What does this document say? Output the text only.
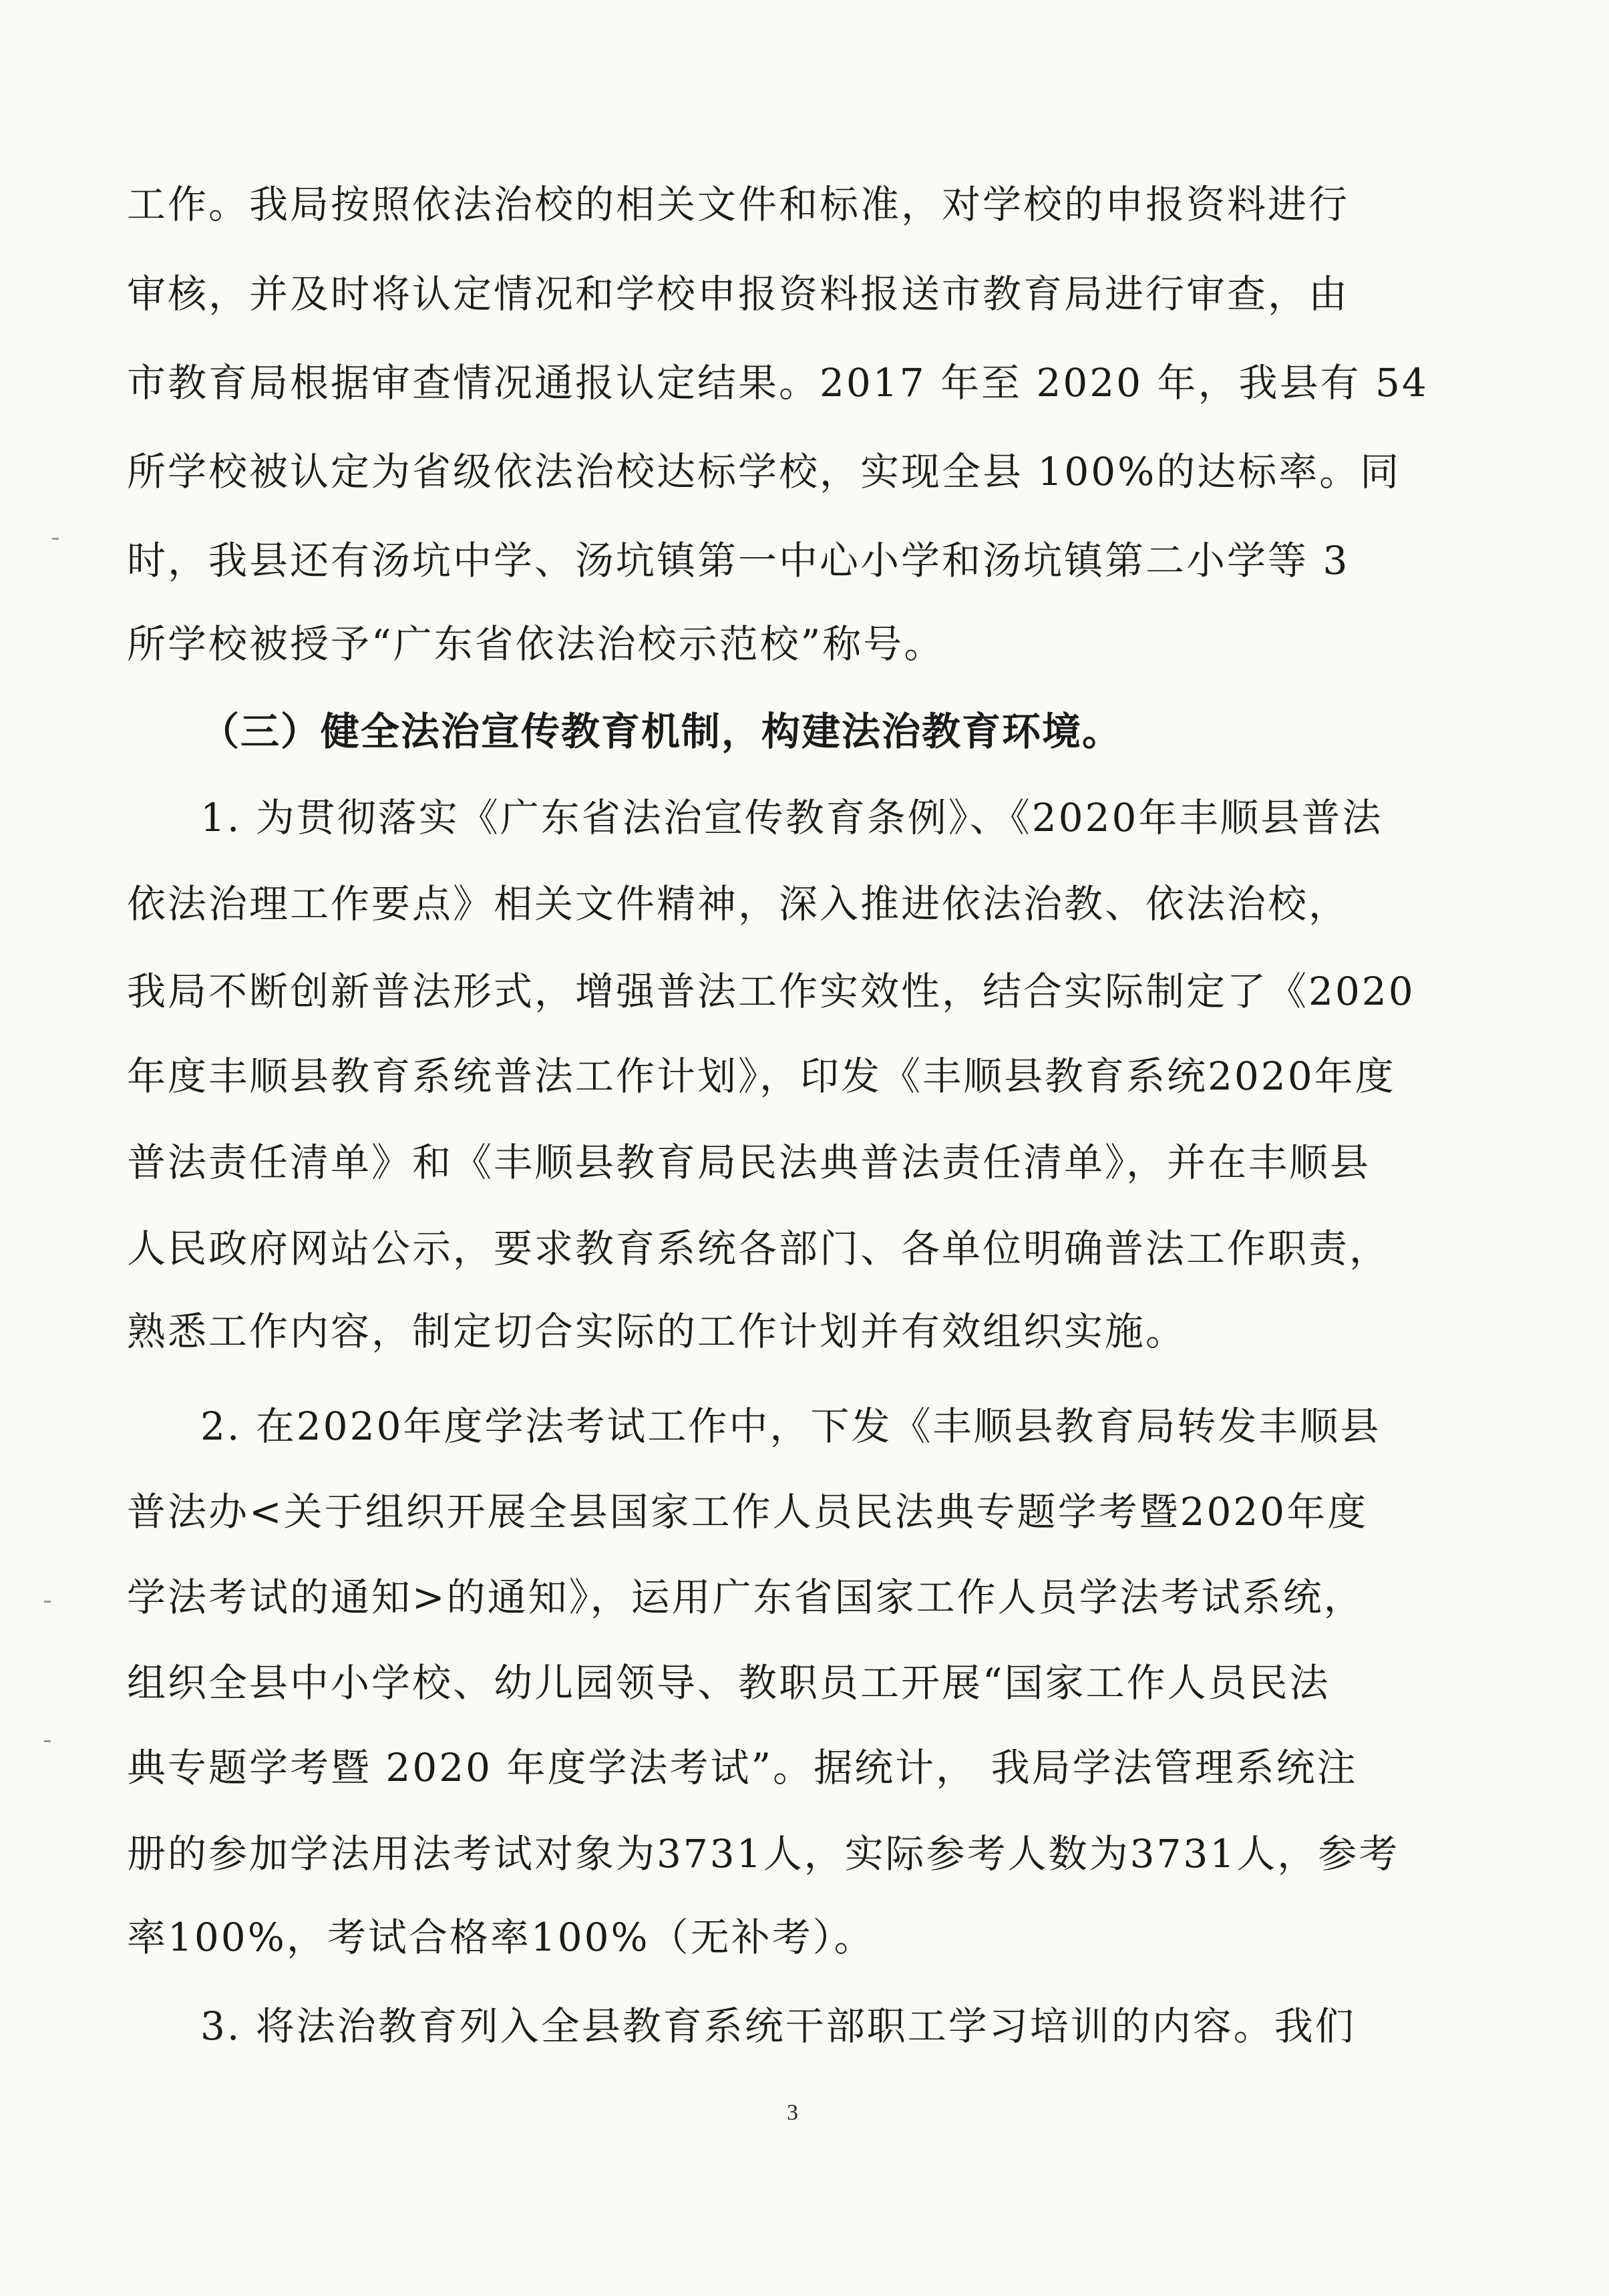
工作。我局按照依法治校的相关文件和标准，对学校的申报资料进行
审核，并及时将认定情况和学校申报资料报送市教育局进行审查，由
市教育局根据审查情况通报认定结果。2017 年至 2020 年，我县有 54
所学校被认定为省级依法治校达标学校，实现全县 100%的达标率。同
时，我县还有汤坑中学、汤坑镇第一中心小学和汤坑镇第二小学等 3
所学校被授予“广东省依法治校示范校”称号。
（三）健全法治宣传教育机制，构建法治教育环境。
1. 为贯彻落实《广东省法治宣传教育条例》、《2020年丰顺县普法
依法治理工作要点》相关文件精神，深入推进依法治教、依法治校，
我局不断创新普法形式，增强普法工作实效性，结合实际制定了《2020
年度丰顺县教育系统普法工作计划》，印发《丰顺县教育系统2020年度
普法责任清单》和《丰顺县教育局民法典普法责任清单》，并在丰顺县
人民政府网站公示，要求教育系统各部门、各单位明确普法工作职责，
熟悉工作内容，制定切合实际的工作计划并有效组织实施。
2. 在2020年度学法考试工作中，下发《丰顺县教育局转发丰顺县
普法办<关于组织开展全县国家工作人员民法典专题学考暨2020年度
学法考试的通知>的通知》，运用广东省国家工作人员学法考试系统，
组织全县中小学校、幼儿园领导、教职员工开展“国家工作人员民法
典专题学考暨 2020 年度学法考试”。据统计， 我局学法管理系统注
册的参加学法用法考试对象为3731人，实际参考人数为3731人，参考
率100%，考试合格率100%（无补考）。
3. 将法治教育列入全县教育系统干部职工学习培训的内容。我们
3
